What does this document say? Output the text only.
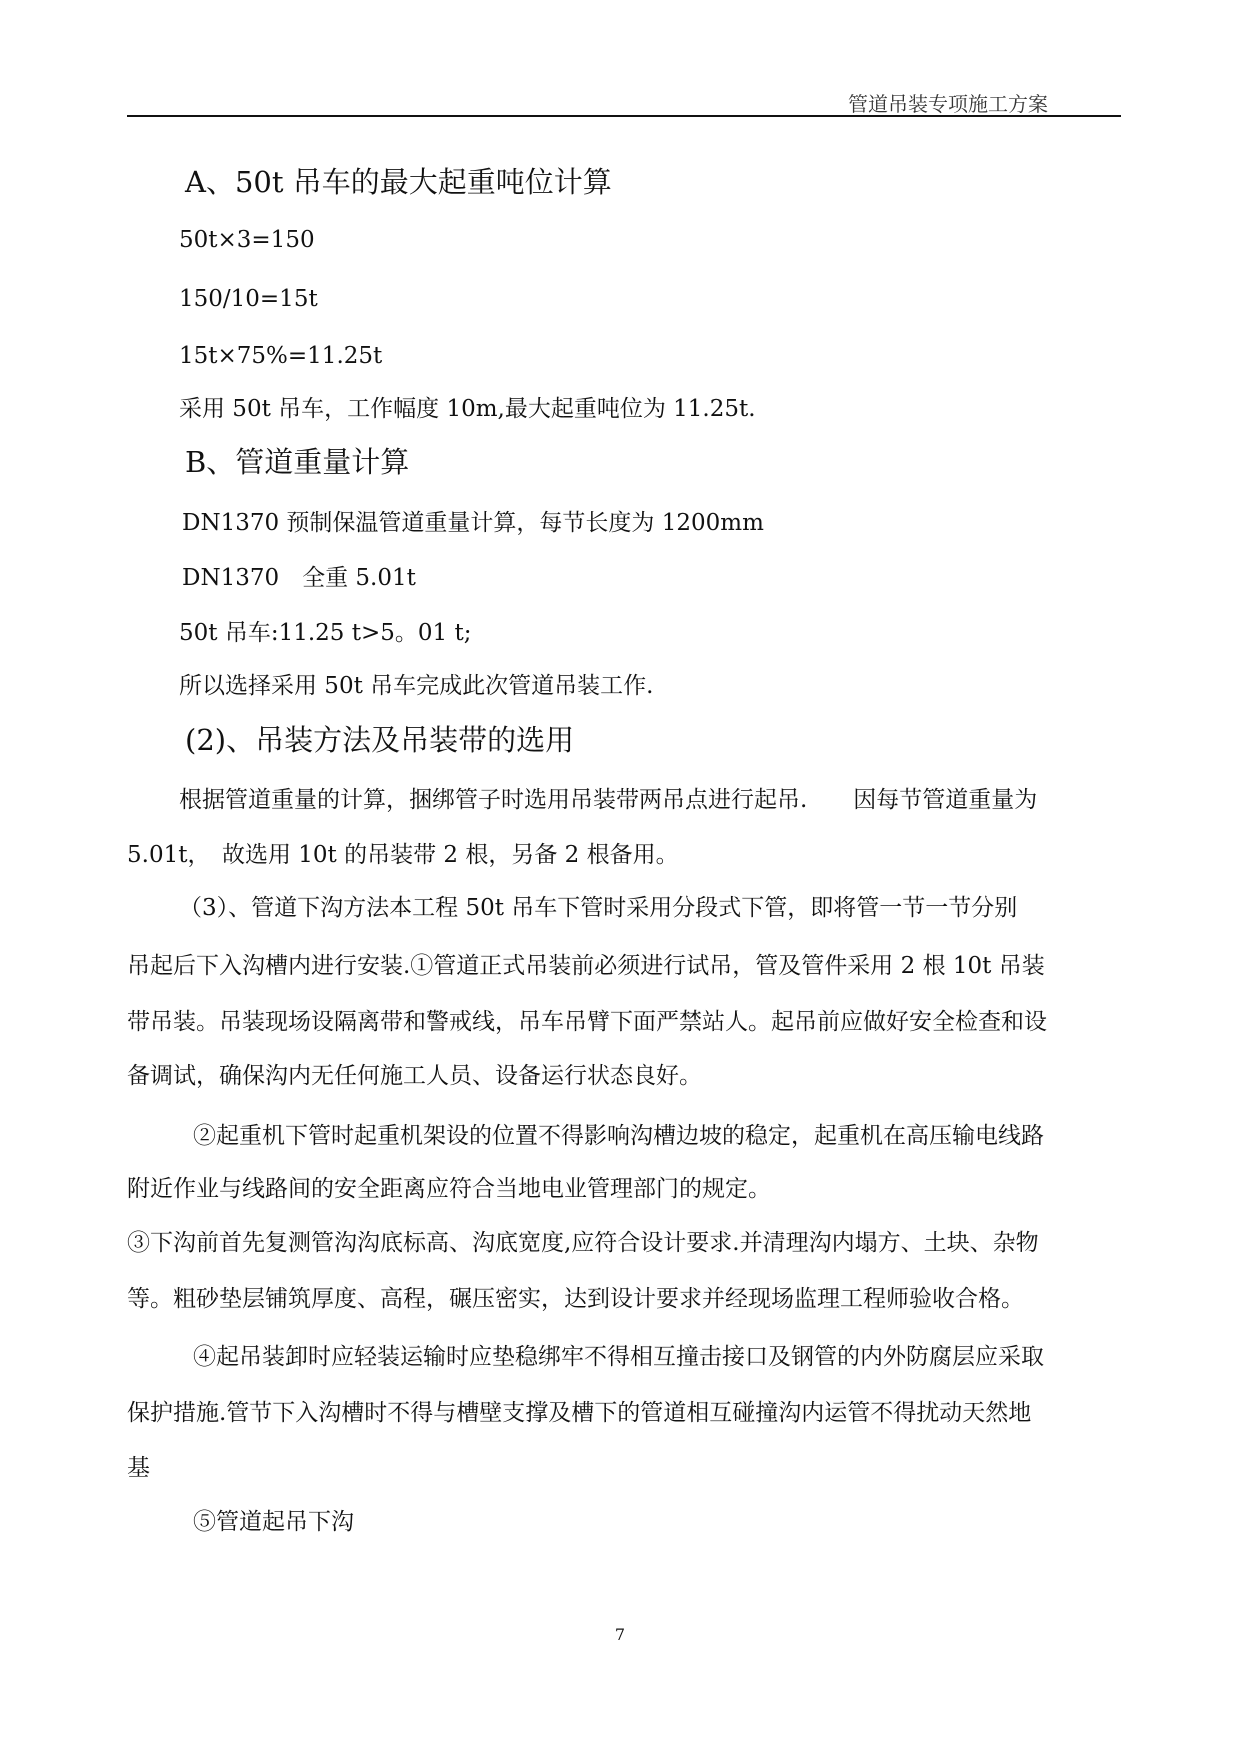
管道吊装专项施工方案
A、50t 吊车的最大起重吨位计算
50t×3=150
150/10=15t
15t×75%=11.25t
采用 50t 吊车，工作幅度 10m,最大起重吨位为 11.25t.
B、管道重量计算
DN1370 预制保温管道重量计算，每节长度为 1200mm
DN1370　全重 5.01t
50t 吊车:11.25 t>5。01 t;
所以选择采用 50t 吊车完成此次管道吊装工作.
(2)、吊装方法及吊装带的选用
根据管道重量的计算，捆绑管子时选用吊装带两吊点进行起吊.　　因每节管道重量为
5.01t，　故选用 10t 的吊装带 2 根，另备 2 根备用。
（3）、管道下沟方法本工程 50t 吊车下管时采用分段式下管，即将管一节一节分别
吊起后下入沟槽内进行安装.①管道正式吊装前必须进行试吊，管及管件采用 2 根 10t 吊装
带吊装。吊装现场设隔离带和警戒线，吊车吊臂下面严禁站人。起吊前应做好安全检查和设
备调试，确保沟内无任何施工人员、设备运行状态良好。
②起重机下管时起重机架设的位置不得影响沟槽边坡的稳定，起重机在高压输电线路
附近作业与线路间的安全距离应符合当地电业管理部门的规定。
③下沟前首先复测管沟沟底标高、沟底宽度,应符合设计要求.并清理沟内塌方、土块、杂物
等。粗砂垫层铺筑厚度、高程，碾压密实，达到设计要求并经现场监理工程师验收合格。
④起吊装卸时应轻装运输时应垫稳绑牢不得相互撞击接口及钢管的内外防腐层应采取
保护措施.管节下入沟槽时不得与槽壁支撑及槽下的管道相互碰撞沟内运管不得扰动天然地
基
⑤管道起吊下沟
7
